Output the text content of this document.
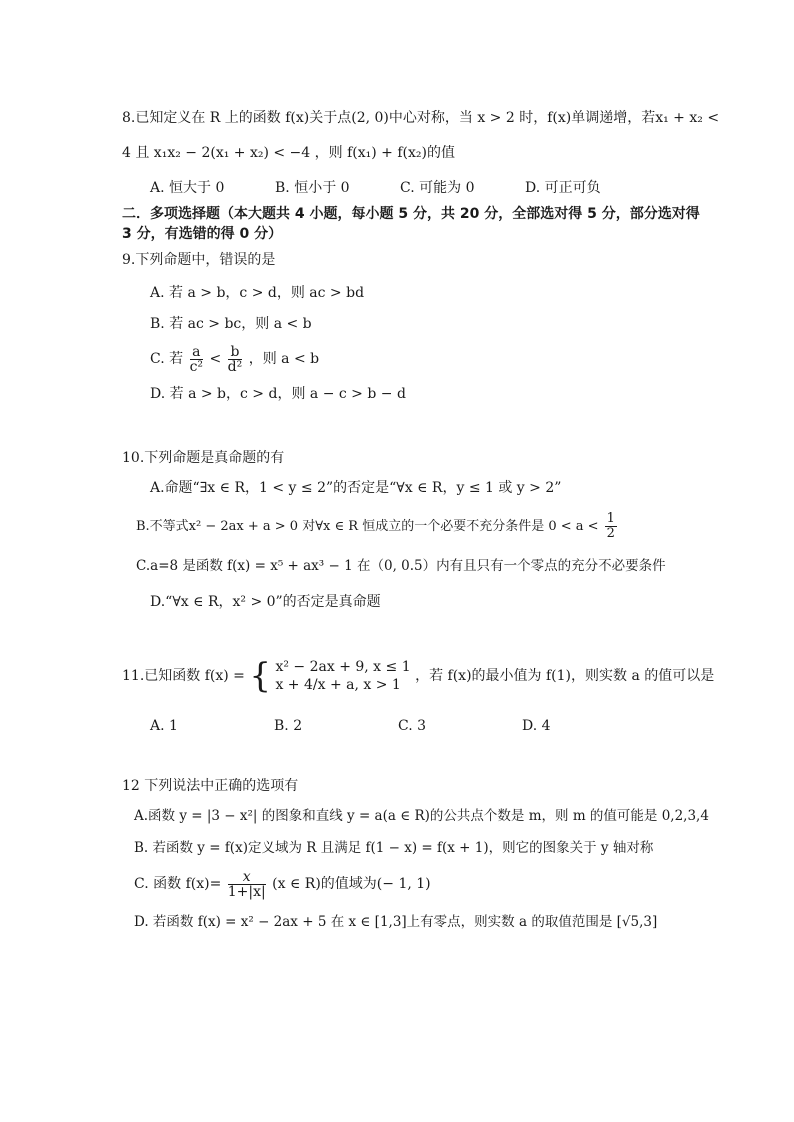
8.已知定义在 R 上的函数 f(x)关于点(2, 0)中心对称，当 x > 2 时，f(x)单调递增，若x₁ + x₂ <
4 且 x₁x₂ − 2(x₁ + x₂) < −4 ，则 f(x₁) + f(x₂)的值
A. 恒大于 0	B. 恒小于 0	C. 可能为 0	D. 可正可负
二．多项选择题（本大题共 4 小题，每小题 5 分，共 20 分，全部选对得 5 分，部分选对得
3 分，有选错的得 0 分）
9.下列命题中，错误的是
A. 若 a > b，c > d，则 ac > bd
B. 若 ac > bc，则 a < b
C. 若 $\frac{a}{\text{c²}} < \frac{b}{\text{d²}}$ ，则 a < b
D. 若 a > b，c > d，则 a − c > b − d
10.下列命题是真命题的有
A.命题“∃x ∈ R，1 < y ≤ 2”的否定是“∀x ∈ R，y ≤ 1 或 y > 2”
B.不等式x² − 2ax + a > 0 对∀x ∈ R 恒成立的一个必要不充分条件是 $0 < a < \frac{1}{2}$
C.a=8 是函数 f(x) = x⁵ + ax³ − 1 在（0, 0.5）内有且只有一个零点的充分不必要条件
D.“∀x ∈ R，x² > 0”的否定是真命题
11.已知函数 f(x) = { x² − 2ax + 9, x ≤ 1
x + 4/x + a, x > 1
，若 f(x)的最小值为 f(1)，则实数 a 的值可以是
A. 1	B. 2	C. 3	D. 4
12 下列说法中正确的选项有
A.函数 y = |3 − x²| 的图象和直线 y = a(a ∈ R)的公共点个数是 m，则 m 的值可能是 0,2,3,4
B. 若函数 y = f(x)定义域为 R 且满足 f(1 − x) = f(x + 1)，则它的图象关于 y 轴对称
C. 函数 $f(x)= \frac{x}{1+|x|} (x$ ∈ R)的值域为(− 1, 1)
D. 若函数 f(x) = x² − 2ax + 5 在 x ∈ [1,3]上有零点，则实数 a 的取值范围是 [√5,3]
